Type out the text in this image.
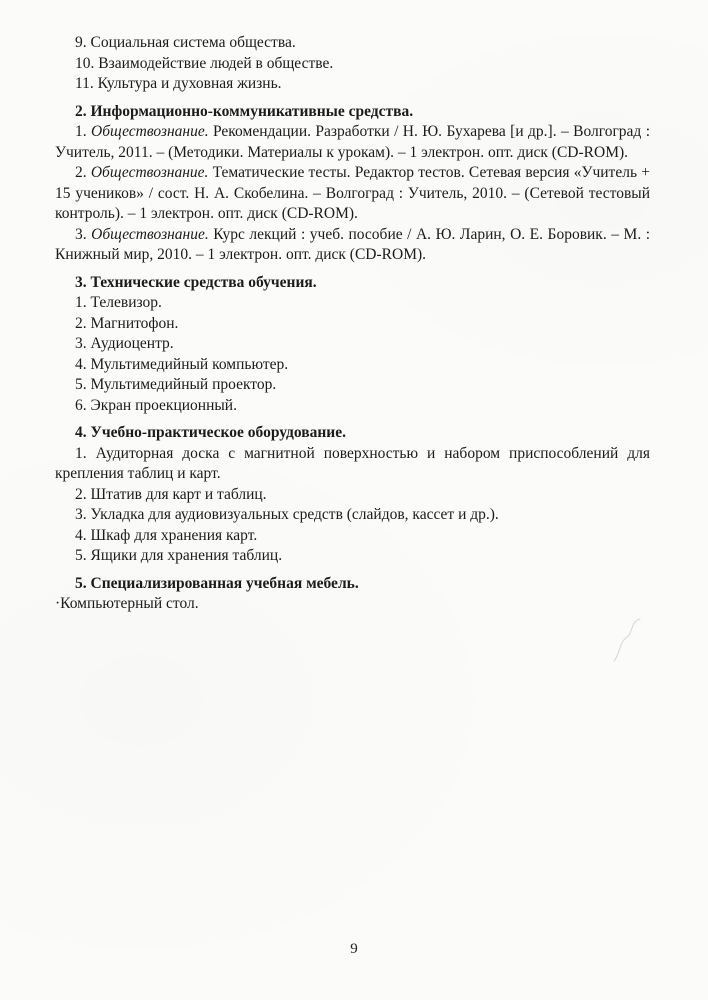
9. Социальная система общества.

10. Взаимодействие людей в обществе.

11. Культура и духовная жизнь.

2. Информационно-коммуникативные средства.

1. Обществознание. Рекомендации. Разработки / Н. Ю. Бухарева [и др.]. – Волгоград : Учитель, 2011. – (Методики. Материалы к урокам). – 1 электрон. опт. диск (CD-ROM).

2. Обществознание. Тематические тесты. Редактор тестов. Сетевая версия «Учитель + 15 учеников» / сост. Н. А. Скобелина. – Волгоград : Учитель, 2010. – (Сетевой тестовый контроль). – 1 электрон. опт. диск (CD-ROM).

3. Обществознание. Курс лекций : учеб. пособие / А. Ю. Ларин, О. Е. Боровик. – М. : Книжный мир, 2010. – 1 электрон. опт. диск (CD-ROM).

3. Технические средства обучения.

1. Телевизор.

2. Магнитофон.

3. Аудиоцентр.

4. Мультимедийный компьютер.

5. Мультимедийный проектор.

6. Экран проекционный.

4. Учебно-практическое оборудование.

1. Аудиторная доска с магнитной поверхностью и набором приспособлений для крепления таблиц и карт.

2. Штатив для карт и таблиц.

3. Укладка для аудиовизуальных средств (слайдов, кассет и др.).

4. Шкаф для хранения карт.

5. Ящики для хранения таблиц.

5. Специализированная учебная мебель.

·Компьютерный стол.

9
